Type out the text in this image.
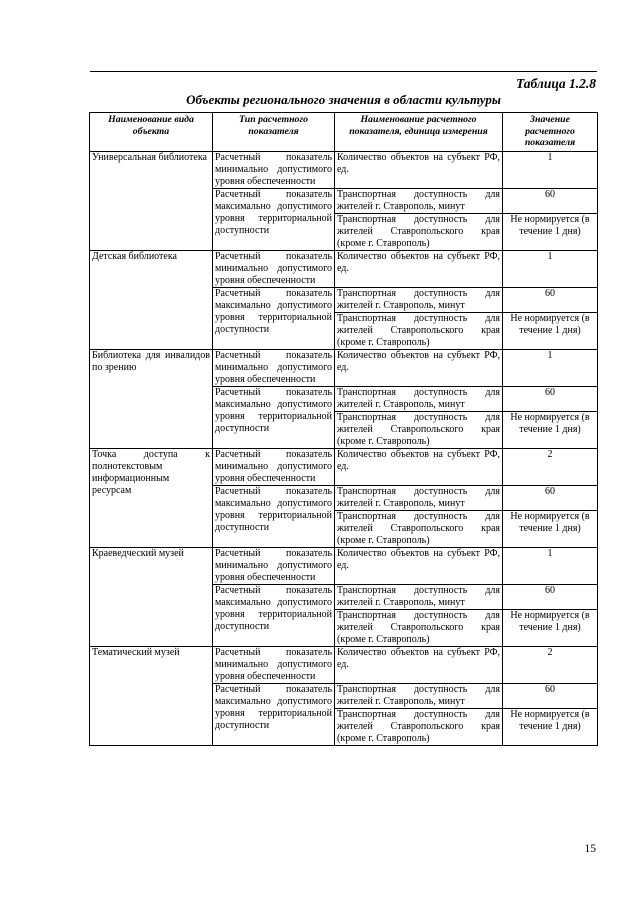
Таблица 1.2.8
Объекты регионального значения в области культуры
Наименование вида объекта	Тип расчетного показателя	Наименование расчетного показателя, единица измерения	Значение расчетного показателя
Универсальная библиотека	Расчетный показатель минимально допустимого уровня обеспеченности	Количество объектов на субъект РФ, ед.	1
	Расчетный показатель максимально допустимого уровня территориальной доступности	Транспортная доступность для жителей г. Ставрополь, минут	60
		Транспортная доступность для жителей Ставропольского края (кроме г. Ставрополь)	Не нормируется (в течение 1 дня)
Детская библиотека	Расчетный показатель минимально допустимого уровня обеспеченности	Количество объектов на субъект РФ, ед.	1
	Расчетный показатель максимально допустимого уровня территориальной доступности	Транспортная доступность для жителей г. Ставрополь, минут	60
		Транспортная доступность для жителей Ставропольского края (кроме г. Ставрополь)	Не нормируется (в течение 1 дня)
Библиотека для инвалидов по зрению	Расчетный показатель минимально допустимого уровня обеспеченности	Количество объектов на субъект РФ, ед.	1
	Расчетный показатель максимально допустимого уровня территориальной доступности	Транспортная доступность для жителей г. Ставрополь, минут	60
		Транспортная доступность для жителей Ставропольского края (кроме г. Ставрополь)	Не нормируется (в течение 1 дня)
Точка доступа к полнотекстовым информационным ресурсам	Расчетный показатель минимально допустимого уровня обеспеченности	Количество объектов на субъект РФ, ед.	2
	Расчетный показатель максимально допустимого уровня территориальной доступности	Транспортная доступность для жителей г. Ставрополь, минут	60
		Транспортная доступность для жителей Ставропольского края (кроме г. Ставрополь)	Не нормируется (в течение 1 дня)
Краеведческий музей	Расчетный показатель минимально допустимого уровня обеспеченности	Количество объектов на субъект РФ, ед.	1
	Расчетный показатель максимально допустимого уровня территориальной доступности	Транспортная доступность для жителей г. Ставрополь, минут	60
		Транспортная доступность для жителей Ставропольского края (кроме г. Ставрополь)	Не нормируется (в течение 1 дня)
Тематический музей	Расчетный показатель минимально допустимого уровня обеспеченности	Количество объектов на субъект РФ, ед.	2
	Расчетный показатель максимально допустимого уровня территориальной доступности	Транспортная доступность для жителей г. Ставрополь, минут	60
		Транспортная доступность для жителей Ставропольского края (кроме г. Ставрополь)	Не нормируется (в течение 1 дня)
15
